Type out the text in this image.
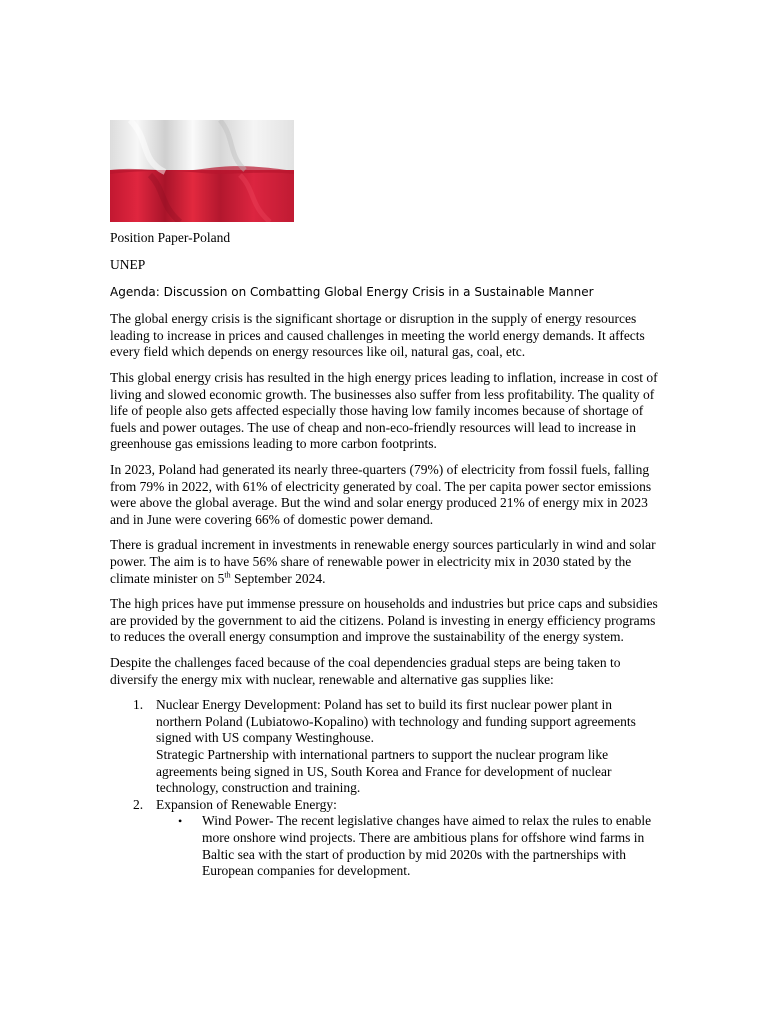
Position Paper-Poland
UNEP
Agenda: Discussion on Combatting Global Energy Crisis in a Sustainable Manner

The global energy crisis is the significant shortage or disruption in the supply of energy resources leading to increase in prices and caused challenges in meeting the world energy demands. It affects every field which depends on energy resources like oil, natural gas, coal, etc.

This global energy crisis has resulted in the high energy prices leading to inflation, increase in cost of living and slowed economic growth. The businesses also suffer from less profitability. The quality of life of people also gets affected especially those having low family incomes because of shortage of fuels and power outages. The use of cheap and non-eco-friendly resources will lead to increase in greenhouse gas emissions leading to more carbon footprints.

In 2023, Poland had generated its nearly three-quarters (79%) of electricity from fossil fuels, falling from 79% in 2022, with 61% of electricity generated by coal. The per capita power sector emissions were above the global average. But the wind and solar energy produced 21% of energy mix in 2023 and in June were covering 66% of domestic power demand.

There is gradual increment in investments in renewable energy sources particularly in wind and solar power. The aim is to have 56% share of renewable power in electricity mix in 2030 stated by the climate minister on 5th September 2024.

The high prices have put immense pressure on households and industries but price caps and subsidies are provided by the government to aid the citizens. Poland is investing in energy efficiency programs to reduces the overall energy consumption and improve the sustainability of the energy system.

Despite the challenges faced because of the coal dependencies gradual steps are being taken to diversify the energy mix with nuclear, renewable and alternative gas supplies like:

1. Nuclear Energy Development: Poland has set to build its first nuclear power plant in northern Poland (Lubiatowo-Kopalino) with technology and funding support agreements signed with US company Westinghouse.
Strategic Partnership with international partners to support the nuclear program like agreements being signed in US, South Korea and France for development of nuclear technology, construction and training.
2. Expansion of Renewable Energy:
• Wind Power- The recent legislative changes have aimed to relax the rules to enable more onshore wind projects. There are ambitious plans for offshore wind farms in Baltic sea with the start of production by mid 2020s with the partnerships with European companies for development.
